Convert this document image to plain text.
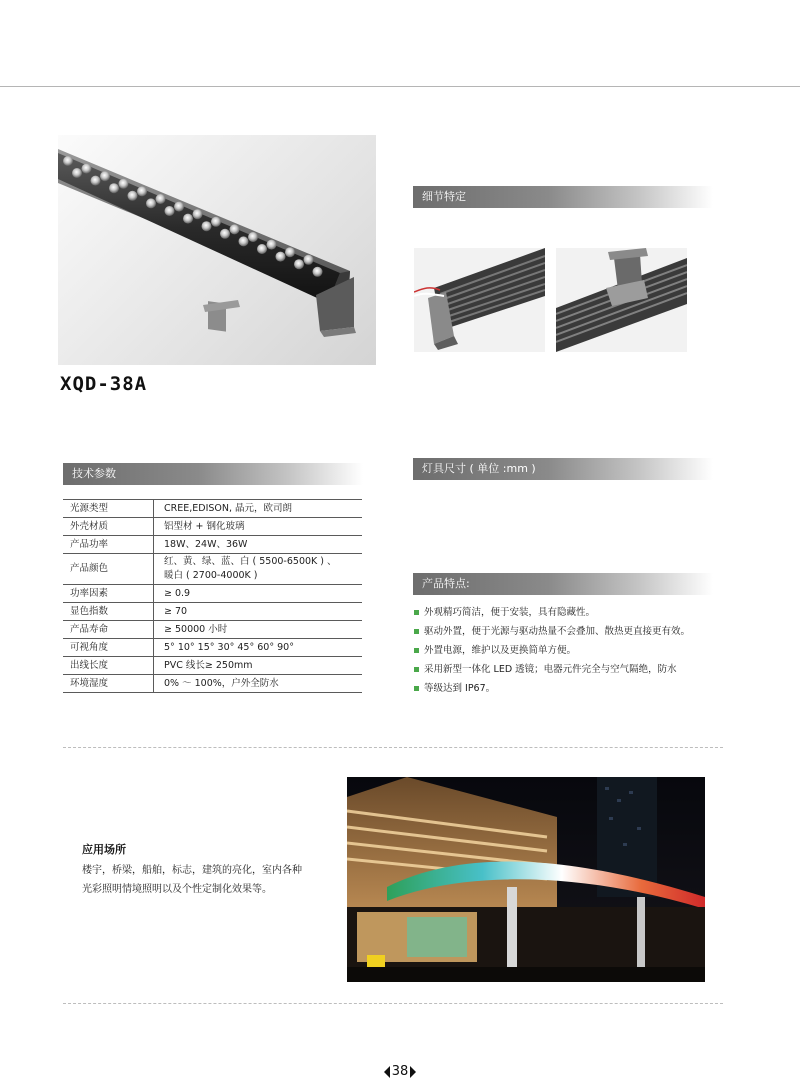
XQD-38A
细节特定
技术参数
光源类型	CREE,EDISON, 晶元，欧司朗
外壳材质	铝型材 + 钢化玻璃
产品功率	18W、24W、36W
产品颜色	红、黄、绿、蓝、白 ( 5500-6500K ) 、
暖白 ( 2700-4000K )

功率因素	≥ 0.9
显色指数	≥ 70
产品寿命	≥ 50000 小时
可视角度	5° 10° 15° 30° 45° 60° 90°
出线长度	PVC 线长≥ 250mm
环境湿度	0% ～ 100%，户外全防水
灯具尺寸 ( 单位 :mm )
产品特点:
外观精巧简洁，便于安装，具有隐藏性。
驱动外置，便于光源与驱动热量不会叠加、散热更直接更有效。
外置电源，维护以及更换简单方便。
采用新型一体化 LED 透镜；电器元件完全与空气隔绝，防水
等级达到 IP67。
应用场所
楼宇，桥梁，船舶，标志，建筑的亮化，室内各种光彩照明情境照明以及个性定制化效果等。
38
